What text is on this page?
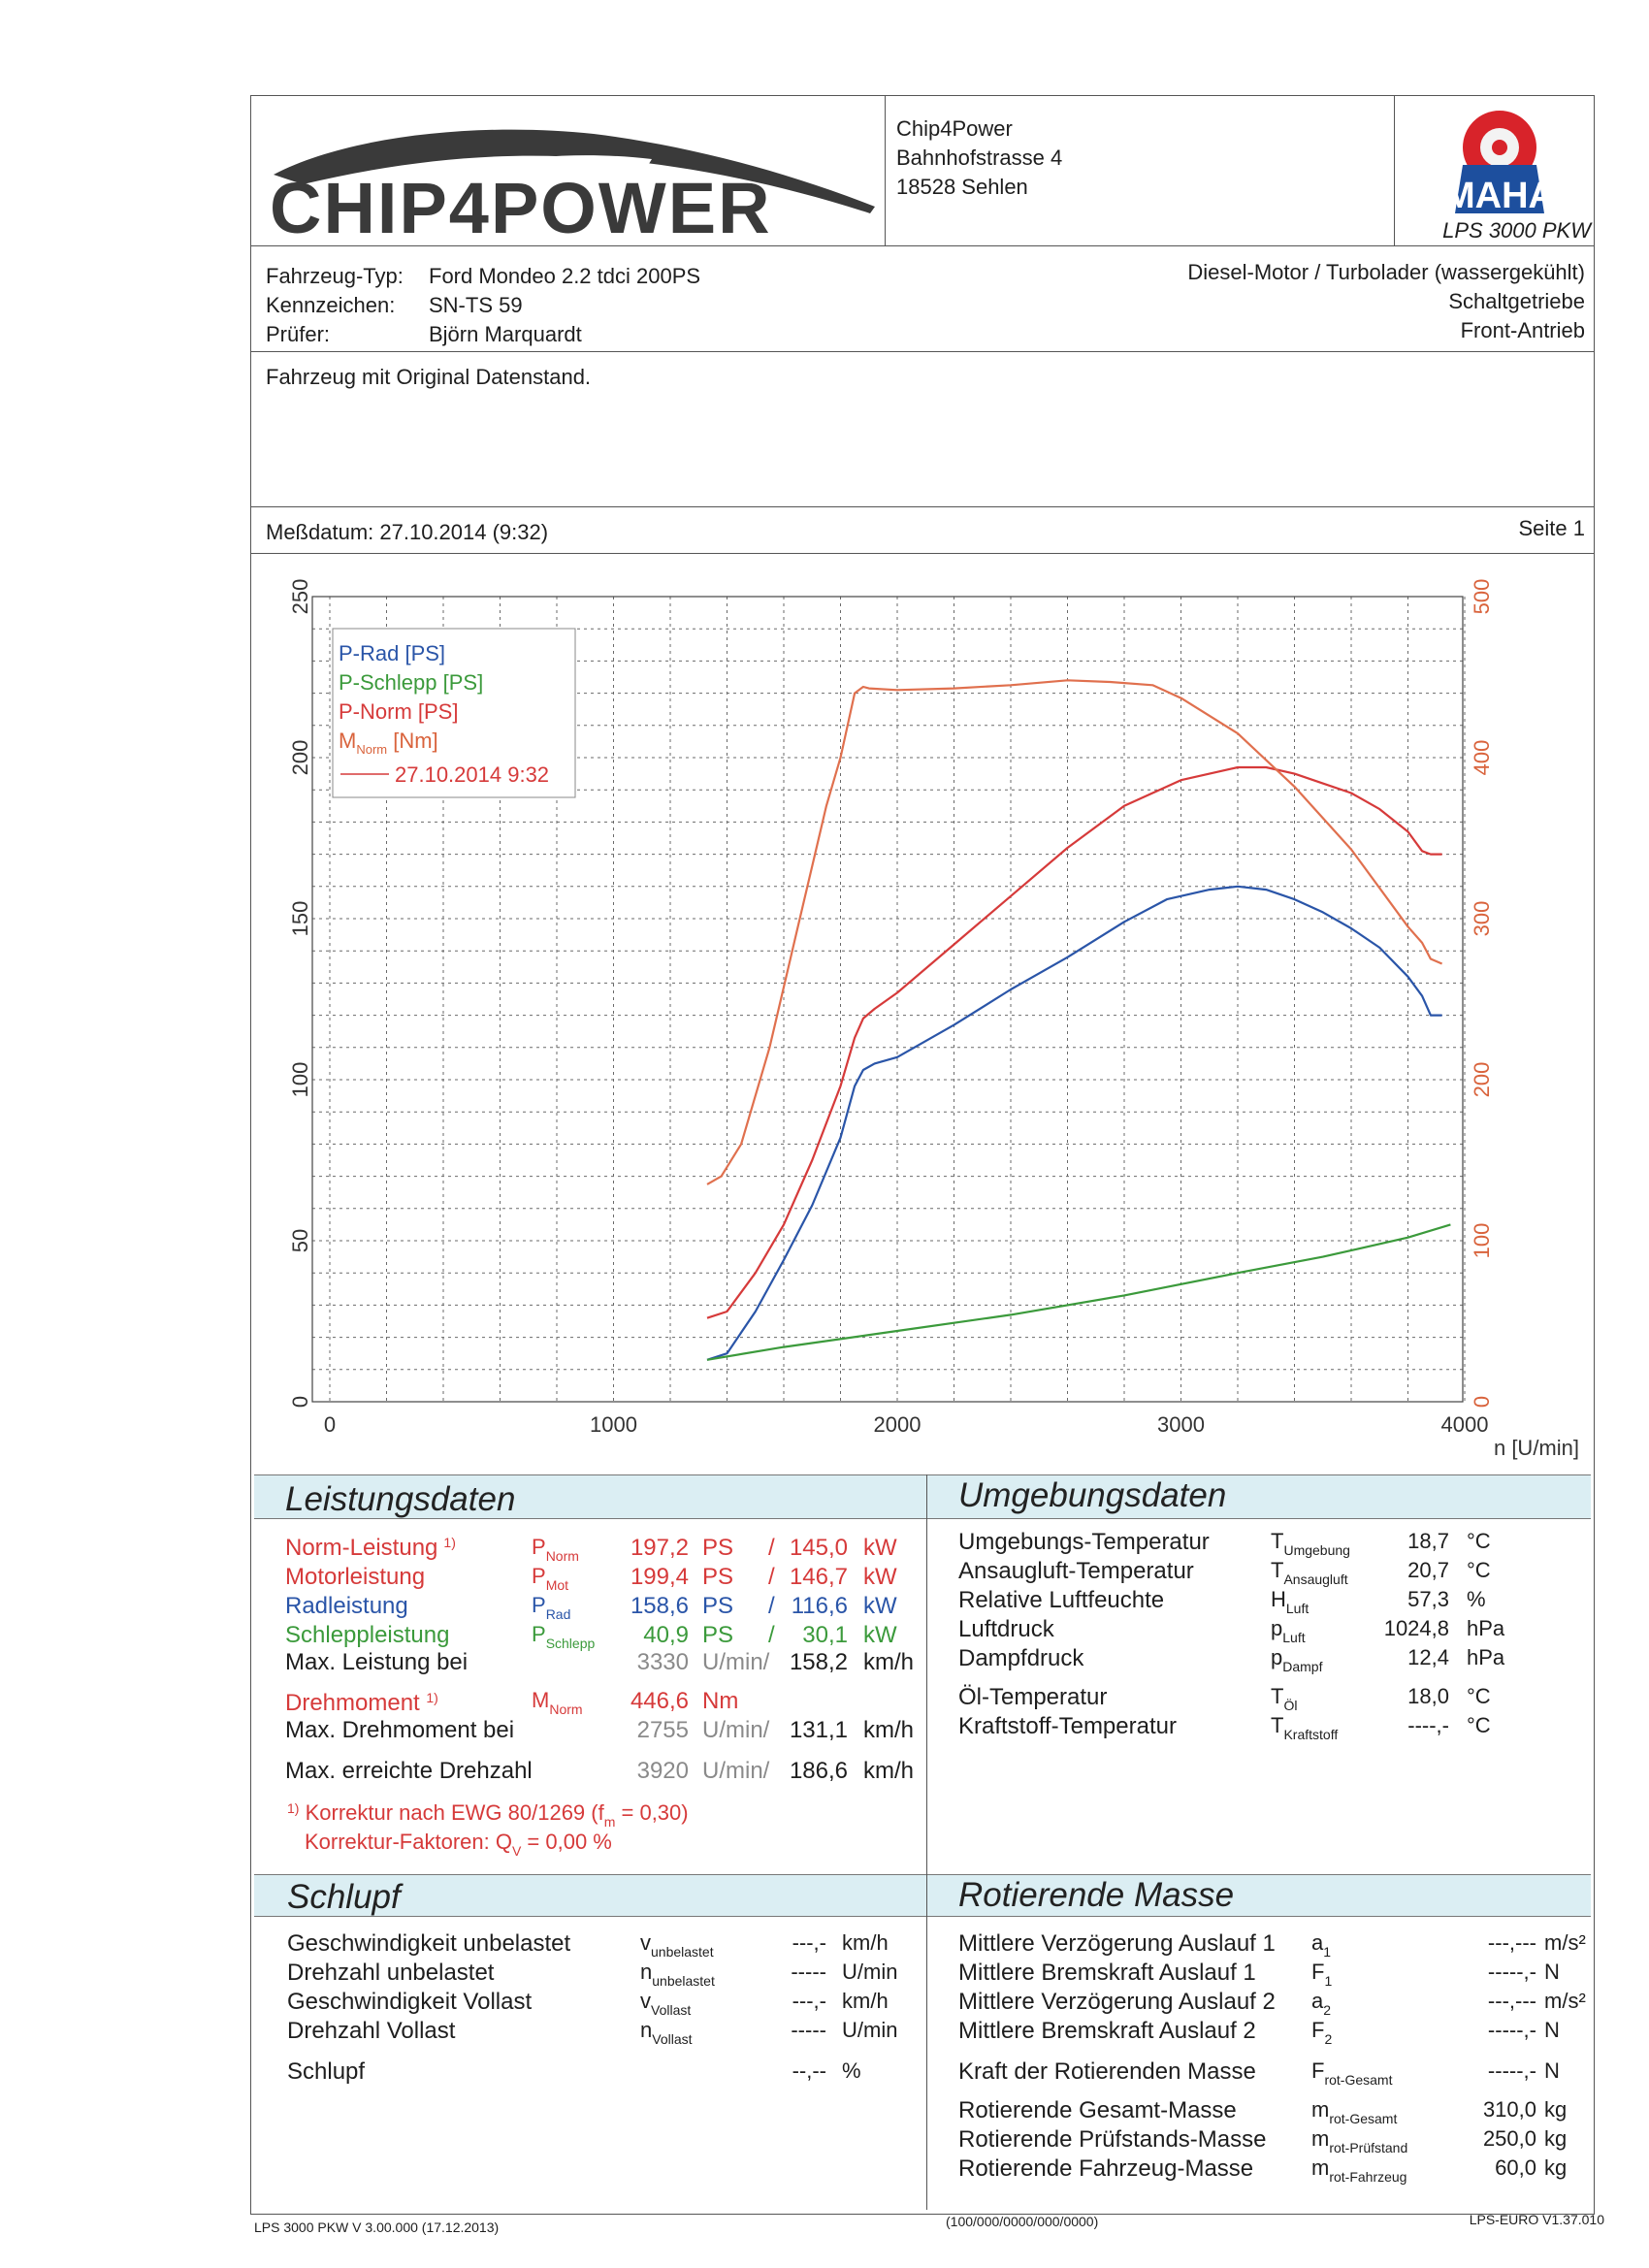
CHIP4POWER
Chip4Power
Bahnhofstrasse 4
18528 Sehlen	MAHA
LPS 3000 PKW
Fahrzeug-Typ: Ford Mondeo 2.2 tdci 200PS
Kennzeichen: SN-TS 59
Prüfer:	Björn Marquardt
Diesel-Motor / Turbolader (wassergekühlt)
Schaltgetriebe
Front-Antrieb
Fahrzeug mit Original Datenstand.
Meßdatum: 27.10.2014 (9:32)	Seite 1
0
50
100
150
200
250
0
100
200
300
400
500
0	1000	2000	3000	4000
n [U/min]
P-Rad [PS]
P-Schlepp [PS]
P-Norm [PS]
$M_{Norm}$ [Nm]
27.10.2014 9:32
Leistungsdaten	Umgebungsdaten
Max. Leistung bei	3330 U/min/ 158,2 km/h
Drehmoment $^{1)}$	$M_{Norm}$ 446,6 Nm
Max. Drehmoment bei	2755 U/min/ 131,1 km/h
Max. erreichte Drehzahl	3920 U/min/ 186,6 km/h
$^{1)}$ Korrektur nach EWG 80/1269 $(f_m = 0,30)$
Korrektur-Faktoren: $Q_V = 0,00$ %
Schlupf	Rotierende Masse
LPS 3000 PKW V 3.00.000 (17.12.2013)	(100/000/0000/000/0000)	LPS-EURO V1.37.010
Norm-Leistung $^{1)}$	$P_{Norm}$ 197,2 PS / 145,0 kW
Motorleistung	$P_{Mot}$	199,4 PS / 146,7 kW
Radleistung	$P_{Rad}$	158,6 PS / 116,6 kW
Schleppleistung	$P_{Schlepp}$ 40,9 PS / 30,1 kW
Umgebungs-Temperatur	$T_{Umgebung}$	18,7 °C
Ansaugluft-Temperatur	$T_{Ansaugluft}$	20,7 °C
Relative Luftfeuchte	$H_{Luft}$	57,3 %
Luftdruck	$p_{Luft}$	1024,8 hPa
Dampfdruck	$p_{Dampf}$	12,4 hPa
Öl-Temperatur	$T_{Öl}$	18,0 °C
Kraftstoff-Temperatur	$T_{Kraftstoff}$	----,- °C
Geschwindigkeit unbelastet	$v_{unbelastet}$	---,- km/h
Drehzahl unbelastet	$n_{unbelastet}$	----- U/min
Geschwindigkeit Vollast	$v_{Vollast}$	---,- km/h
Drehzahl Vollast	$n_{Vollast}$	----- U/min
Schlupf	--,-- %
Mittlere Verzögerung Auslauf 1 $a_1$	---,--- m/s²
Mittlere Bremskraft Auslauf 1	$F_1$	-----,- N
Mittlere Verzögerung Auslauf 2 $a_2$	---,--- m/s²
Mittlere Bremskraft Auslauf 2	$F_2$	-----,- N
Kraft der Rotierenden Masse	$F_{rot-Gesamt}$	-----,- N
Rotierende Gesamt-Masse	$m_{rot-Gesamt}$	310,0 kg
Rotierende Prüfstands-Masse $m_{rot-Prüfstand}$	250,0 kg
Rotierende Fahrzeug-Masse	$m_{rot-Fahrzeug}$	60,0 kg
